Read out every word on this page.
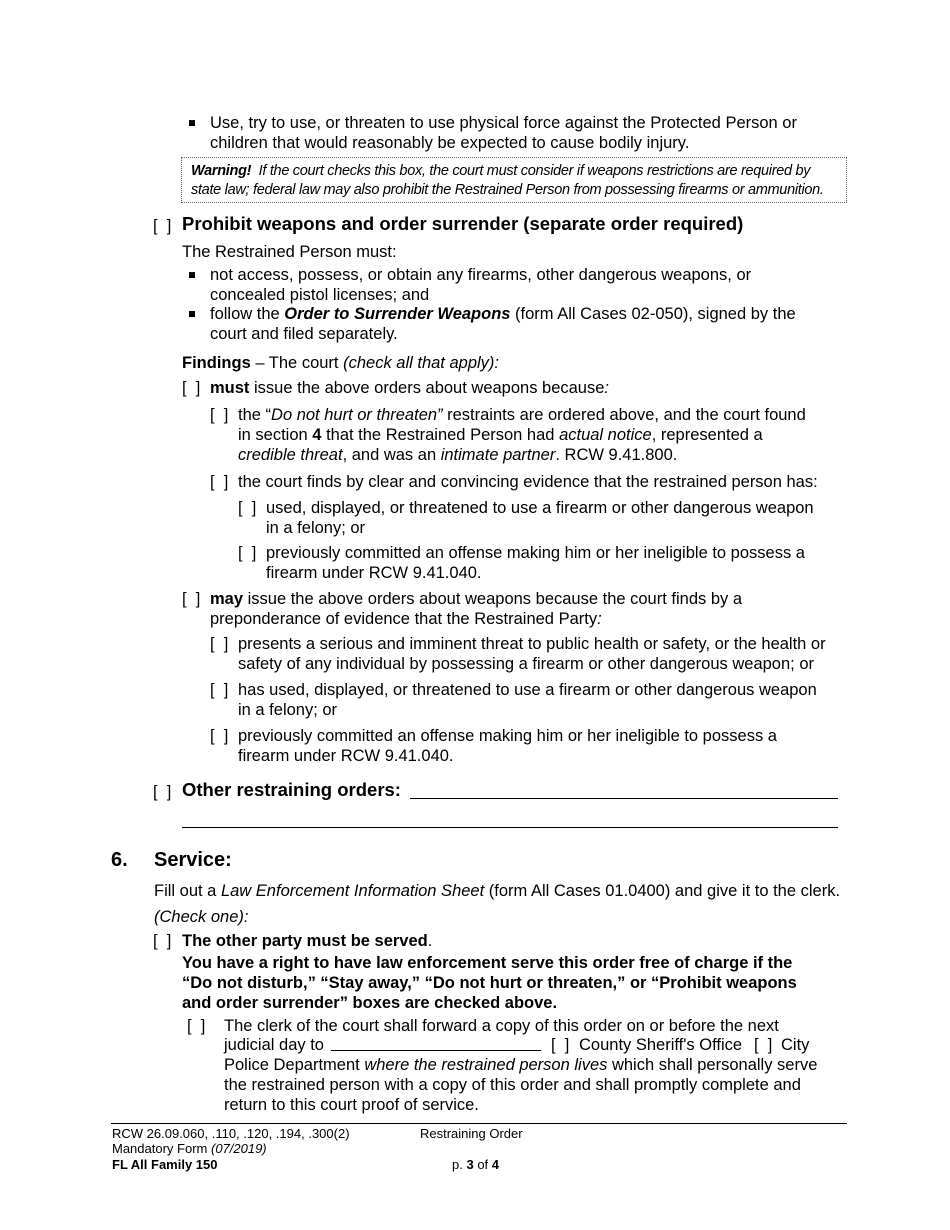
Use, try to use, or threaten to use physical force against the Protected Person or
children that would reasonably be expected to cause bodily injury.
Warning! If the court checks this box, the court must consider if weapons restrictions are required by
state law; federal law may also prohibit the Restrained Person from possessing firearms or ammunition.
[  ] Prohibit weapons and order surrender (separate order required)
The Restrained Person must:
not access, possess, or obtain any firearms, other dangerous weapons, or
concealed pistol licenses; and
follow the Order to Surrender Weapons (form All Cases 02-050), signed by the
court and filed separately.
Findings – The court (check all that apply):
[  ] must issue the above orders about weapons because:
[  ] the “Do not hurt or threaten” restraints are ordered above, and the court found
in section 4 that the Restrained Person had actual notice, represented a
credible threat, and was an intimate partner. RCW 9.41.800.
[  ] the court finds by clear and convincing evidence that the restrained person has:
[  ] used, displayed, or threatened to use a firearm or other dangerous weapon
in a felony; or
[  ] previously committed an offense making him or her ineligible to possess a
firearm under RCW 9.41.040.
[  ] may issue the above orders about weapons because the court finds by a
preponderance of evidence that the Restrained Party:
[  ] presents a serious and imminent threat to public health or safety, or the health or
safety of any individual by possessing a firearm or other dangerous weapon; or
[  ] has used, displayed, or threatened to use a firearm or other dangerous weapon
in a felony; or
[  ] previously committed an offense making him or her ineligible to possess a
firearm under RCW 9.41.040.
[  ] Other restraining orders:
6. Service:
Fill out a Law Enforcement Information Sheet (form All Cases 01.0400) and give it to the clerk.
(Check one):
[  ] The other party must be served.
You have a right to have law enforcement serve this order free of charge if the
“Do not disturb,” “Stay away,” “Do not hurt or threaten,” or “Prohibit weapons
and order surrender” boxes are checked above.
[  ] The clerk of the court shall forward a copy of this order on or before the next
judicial day to	[  ] County Sheriff's Office [  ] City
Police Department where the restrained person lives which shall personally serve
the restrained person with a copy of this order and shall promptly complete and
return to this court proof of service.
RCW 26.09.060, .110, .120, .194, .300(2)
Mandatory Form (07/2019)
FL All Family 150
Restraining Order
p. 3 of 4
